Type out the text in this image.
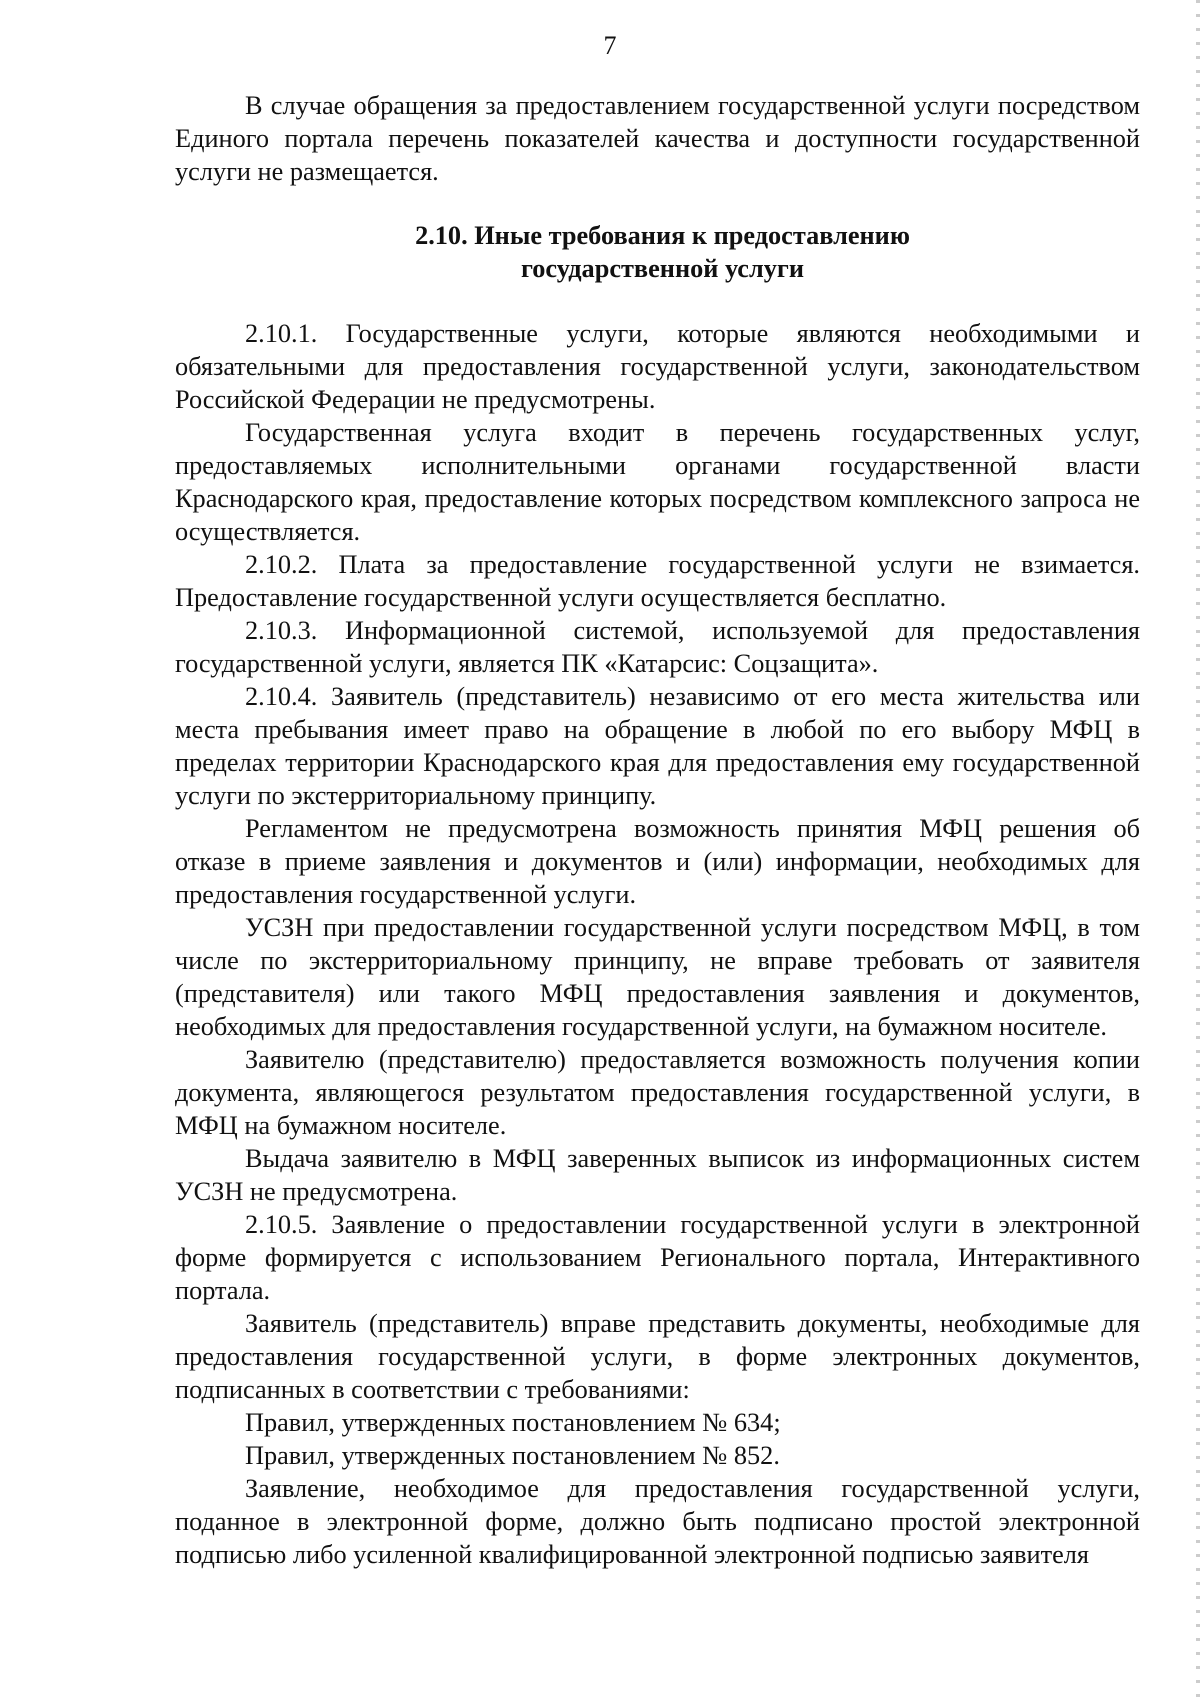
7

В случае обращения за предоставлением государственной услуги посредством Единого портала перечень показателей качества и доступности государственной услуги не размещается.

2.10. Иные требования к предоставлению
государственной услуги

2.10.1. Государственные услуги, которые являются необходимыми и обязательными для предоставления государственной услуги, законодательством Российской Федерации не предусмотрены.

Государственная услуга входит в перечень государственных услуг, предоставляемых исполнительными органами государственной власти Краснодарского края, предоставление которых посредством комплексного запроса не осуществляется.

2.10.2. Плата за предоставление государственной услуги не взимается. Предоставление государственной услуги осуществляется бесплатно.

2.10.3. Информационной системой, используемой для предоставления государственной услуги, является ПК «Катарсис: Соцзащита».

2.10.4. Заявитель (представитель) независимо от его места жительства или места пребывания имеет право на обращение в любой по его выбору МФЦ в пределах территории Краснодарского края для предоставления ему государственной услуги по экстерриториальному принципу.

Регламентом не предусмотрена возможность принятия МФЦ решения об отказе в приеме заявления и документов и (или) информации, необходимых для предоставления государственной услуги.

УСЗН при предоставлении государственной услуги посредством МФЦ, в том числе по экстерриториальному принципу, не вправе требовать от заявителя (представителя) или такого МФЦ предоставления заявления и документов, необходимых для предоставления государственной услуги, на бумажном носителе.

Заявителю (представителю) предоставляется возможность получения копии документа, являющегося результатом предоставления государственной услуги, в МФЦ на бумажном носителе.

Выдача заявителю в МФЦ заверенных выписок из информационных систем УСЗН не предусмотрена.

2.10.5. Заявление о предоставлении государственной услуги в электронной форме формируется с использованием Регионального портала, Интерактивного портала.

Заявитель (представитель) вправе представить документы, необходимые для предоставления государственной услуги, в форме электронных документов, подписанных в соответствии с требованиями:

Правил, утвержденных постановлением № 634;

Правил, утвержденных постановлением № 852.

Заявление, необходимое для предоставления государственной услуги, поданное в электронной форме, должно быть подписано простой электронной подписью либо усиленной квалифицированной электронной подписью заявителя
